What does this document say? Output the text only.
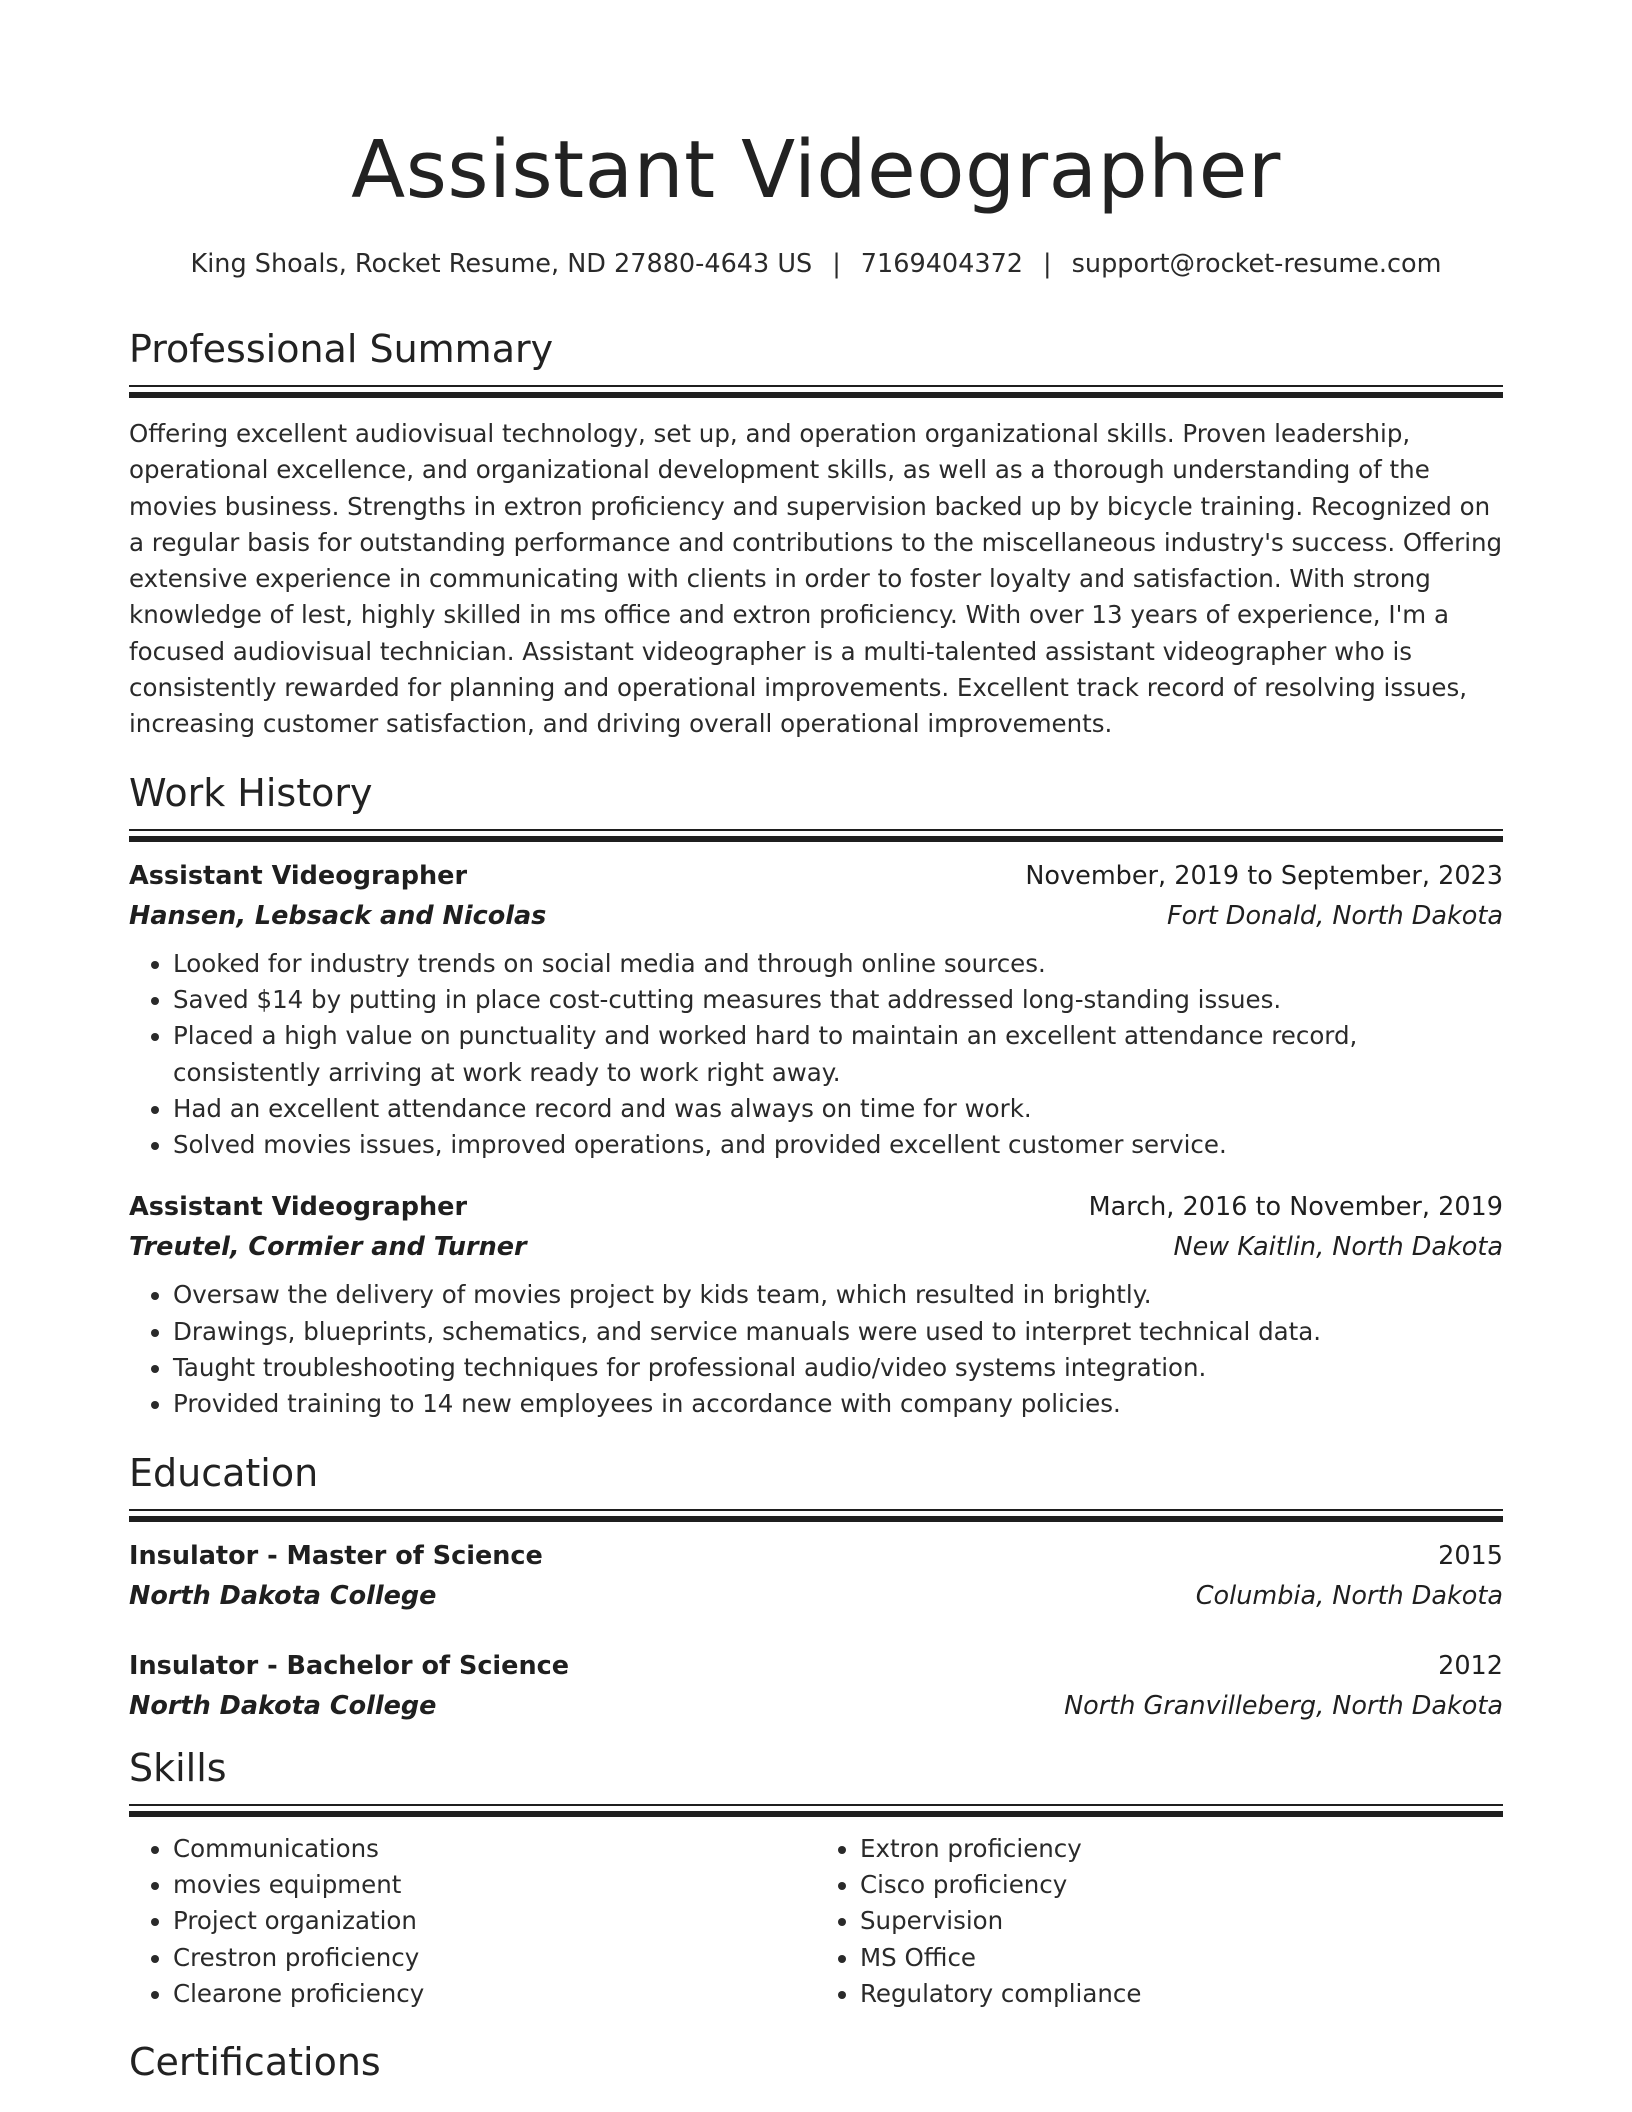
Assistant Videographer
King Shoals, Rocket Resume, ND 27880-4643 US | 7169404372 | support@rocket-resume.com
Professional Summary
Offering excellent audiovisual technology, set up, and operation organizational skills. Proven leadership, operational excellence, and organizational development skills, as well as a thorough understanding of the movies business. Strengths in extron proficiency and supervision backed up by bicycle training. Recognized on a regular basis for outstanding performance and contributions to the miscellaneous industry's success. Offering extensive experience in communicating with clients in order to foster loyalty and satisfaction. With strong knowledge of lest, highly skilled in ms office and extron proficiency. With over 13 years of experience, I'm a focused audiovisual technician. Assistant videographer is a multi-talented assistant videographer who is consistently rewarded for planning and operational improvements. Excellent track record of resolving issues, increasing customer satisfaction, and driving overall operational improvements.
Work History
Assistant Videographer	November, 2019 to September, 2023
Hansen, Lebsack and Nicolas	Fort Donald, North Dakota
• Looked for industry trends on social media and through online sources.
• Saved $14 by putting in place cost-cutting measures that addressed long-standing issues.
• Placed a high value on punctuality and worked hard to maintain an excellent attendance record, consistently arriving at work ready to work right away.
• Had an excellent attendance record and was always on time for work.
• Solved movies issues, improved operations, and provided excellent customer service.
Assistant Videographer	March, 2016 to November, 2019
Treutel, Cormier and Turner	New Kaitlin, North Dakota
• Oversaw the delivery of movies project by kids team, which resulted in brightly.
• Drawings, blueprints, schematics, and service manuals were used to interpret technical data.
• Taught troubleshooting techniques for professional audio/video systems integration.
• Provided training to 14 new employees in accordance with company policies.
Education
Insulator - Master of Science	2015
North Dakota College	Columbia, North Dakota
Insulator - Bachelor of Science	2012
North Dakota College	North Granvilleberg, North Dakota
Skills
• Communications
• movies equipment
• Project organization
• Crestron proficiency
• Clearone proficiency
• Extron proficiency
• Cisco proficiency
• Supervision
• MS Office
• Regulatory compliance
Certifications
